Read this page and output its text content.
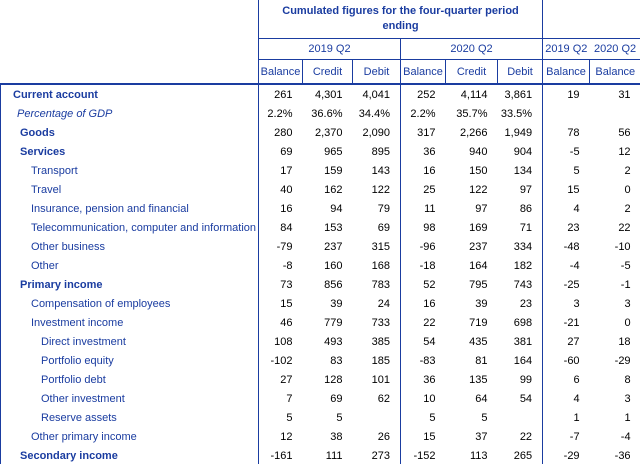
	Cumulated figures for the four-quarter period ending							
	2019 Q2			2020 Q2			2019 Q2	2020 Q2
	Balance	Credit	Debit	Balance	Credit	Debit	Balance	Balance
Current account	261	4,301	4,041	252	4,114	3,861	19	31
Percentage of GDP	2.2%	36.6%	34.4%	2.2%	35.7%	33.5%		
Goods	280	2,370	2,090	317	2,266	1,949	78	56
Services	69	965	895	36	940	904	-5	12
Transport	17	159	143	16	150	134	5	2
Travel	40	162	122	25	122	97	15	0
Insurance, pension and financial	16	94	79	11	97	86	4	2
Telecommunication, computer and information	84	153	69	98	169	71	23	22
Other business	-79	237	315	-96	237	334	-48	-10
Other	-8	160	168	-18	164	182	-4	-5
Primary income	73	856	783	52	795	743	-25	-1
Compensation of employees	15	39	24	16	39	23	3	3
Investment income	46	779	733	22	719	698	-21	0
Direct investment	108	493	385	54	435	381	27	18
Portfolio equity	-102	83	185	-83	81	164	-60	-29
Portfolio debt	27	128	101	36	135	99	6	8
Other investment	7	69	62	10	64	54	4	3
Reserve assets	5	5		5	5		1	1
Other primary income	12	38	26	15	37	22	-7	-4
Secondary income	-161	111	273	-152	113	265	-29	-36
